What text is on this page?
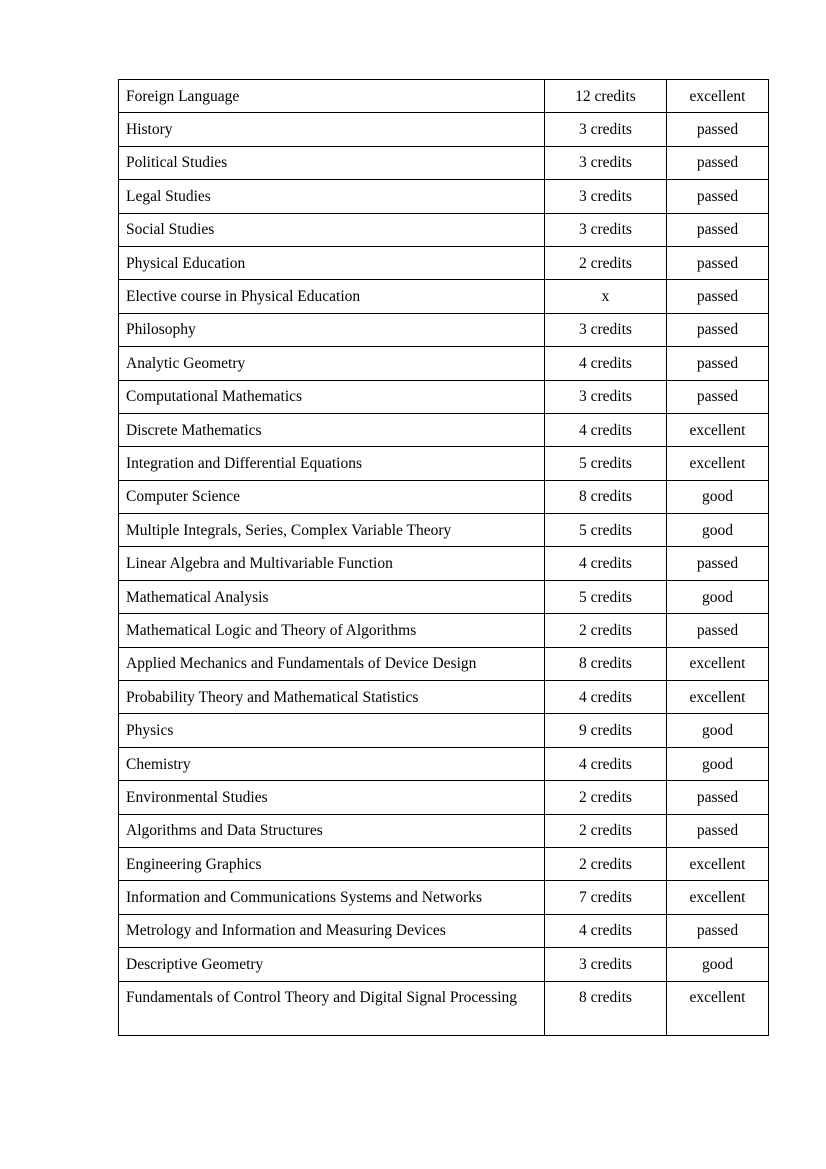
Foreign Language	12 credits	excellent
History	3 credits	passed
Political Studies	3 credits	passed
Legal Studies	3 credits	passed
Social Studies	3 credits	passed
Physical Education	2 credits	passed
Elective course in Physical Education	x	passed
Philosophy	3 credits	passed
Analytic Geometry	4 credits	passed
Computational Mathematics	3 credits	passed
Discrete Mathematics	4 credits	excellent
Integration and Differential Equations	5 credits	excellent
Computer Science	8 credits	good
Multiple Integrals, Series, Complex Variable Theory	5 credits	good
Linear Algebra and Multivariable Function	4 credits	passed
Mathematical Analysis	5 credits	good
Mathematical Logic and Theory of Algorithms	2 credits	passed
Applied Mechanics and Fundamentals of Device Design	8 credits	excellent
Probability Theory and Mathematical Statistics	4 credits	excellent
Physics	9 credits	good
Chemistry	4 credits	good
Environmental Studies	2 credits	passed
Algorithms and Data Structures	2 credits	passed
Engineering Graphics	2 credits	excellent
Information and Communications Systems and Networks	7 credits	excellent
Metrology and Information and Measuring Devices	4 credits	passed
Descriptive Geometry	3 credits	good
Fundamentals of Control Theory and Digital Signal Processing	8 credits	excellent
